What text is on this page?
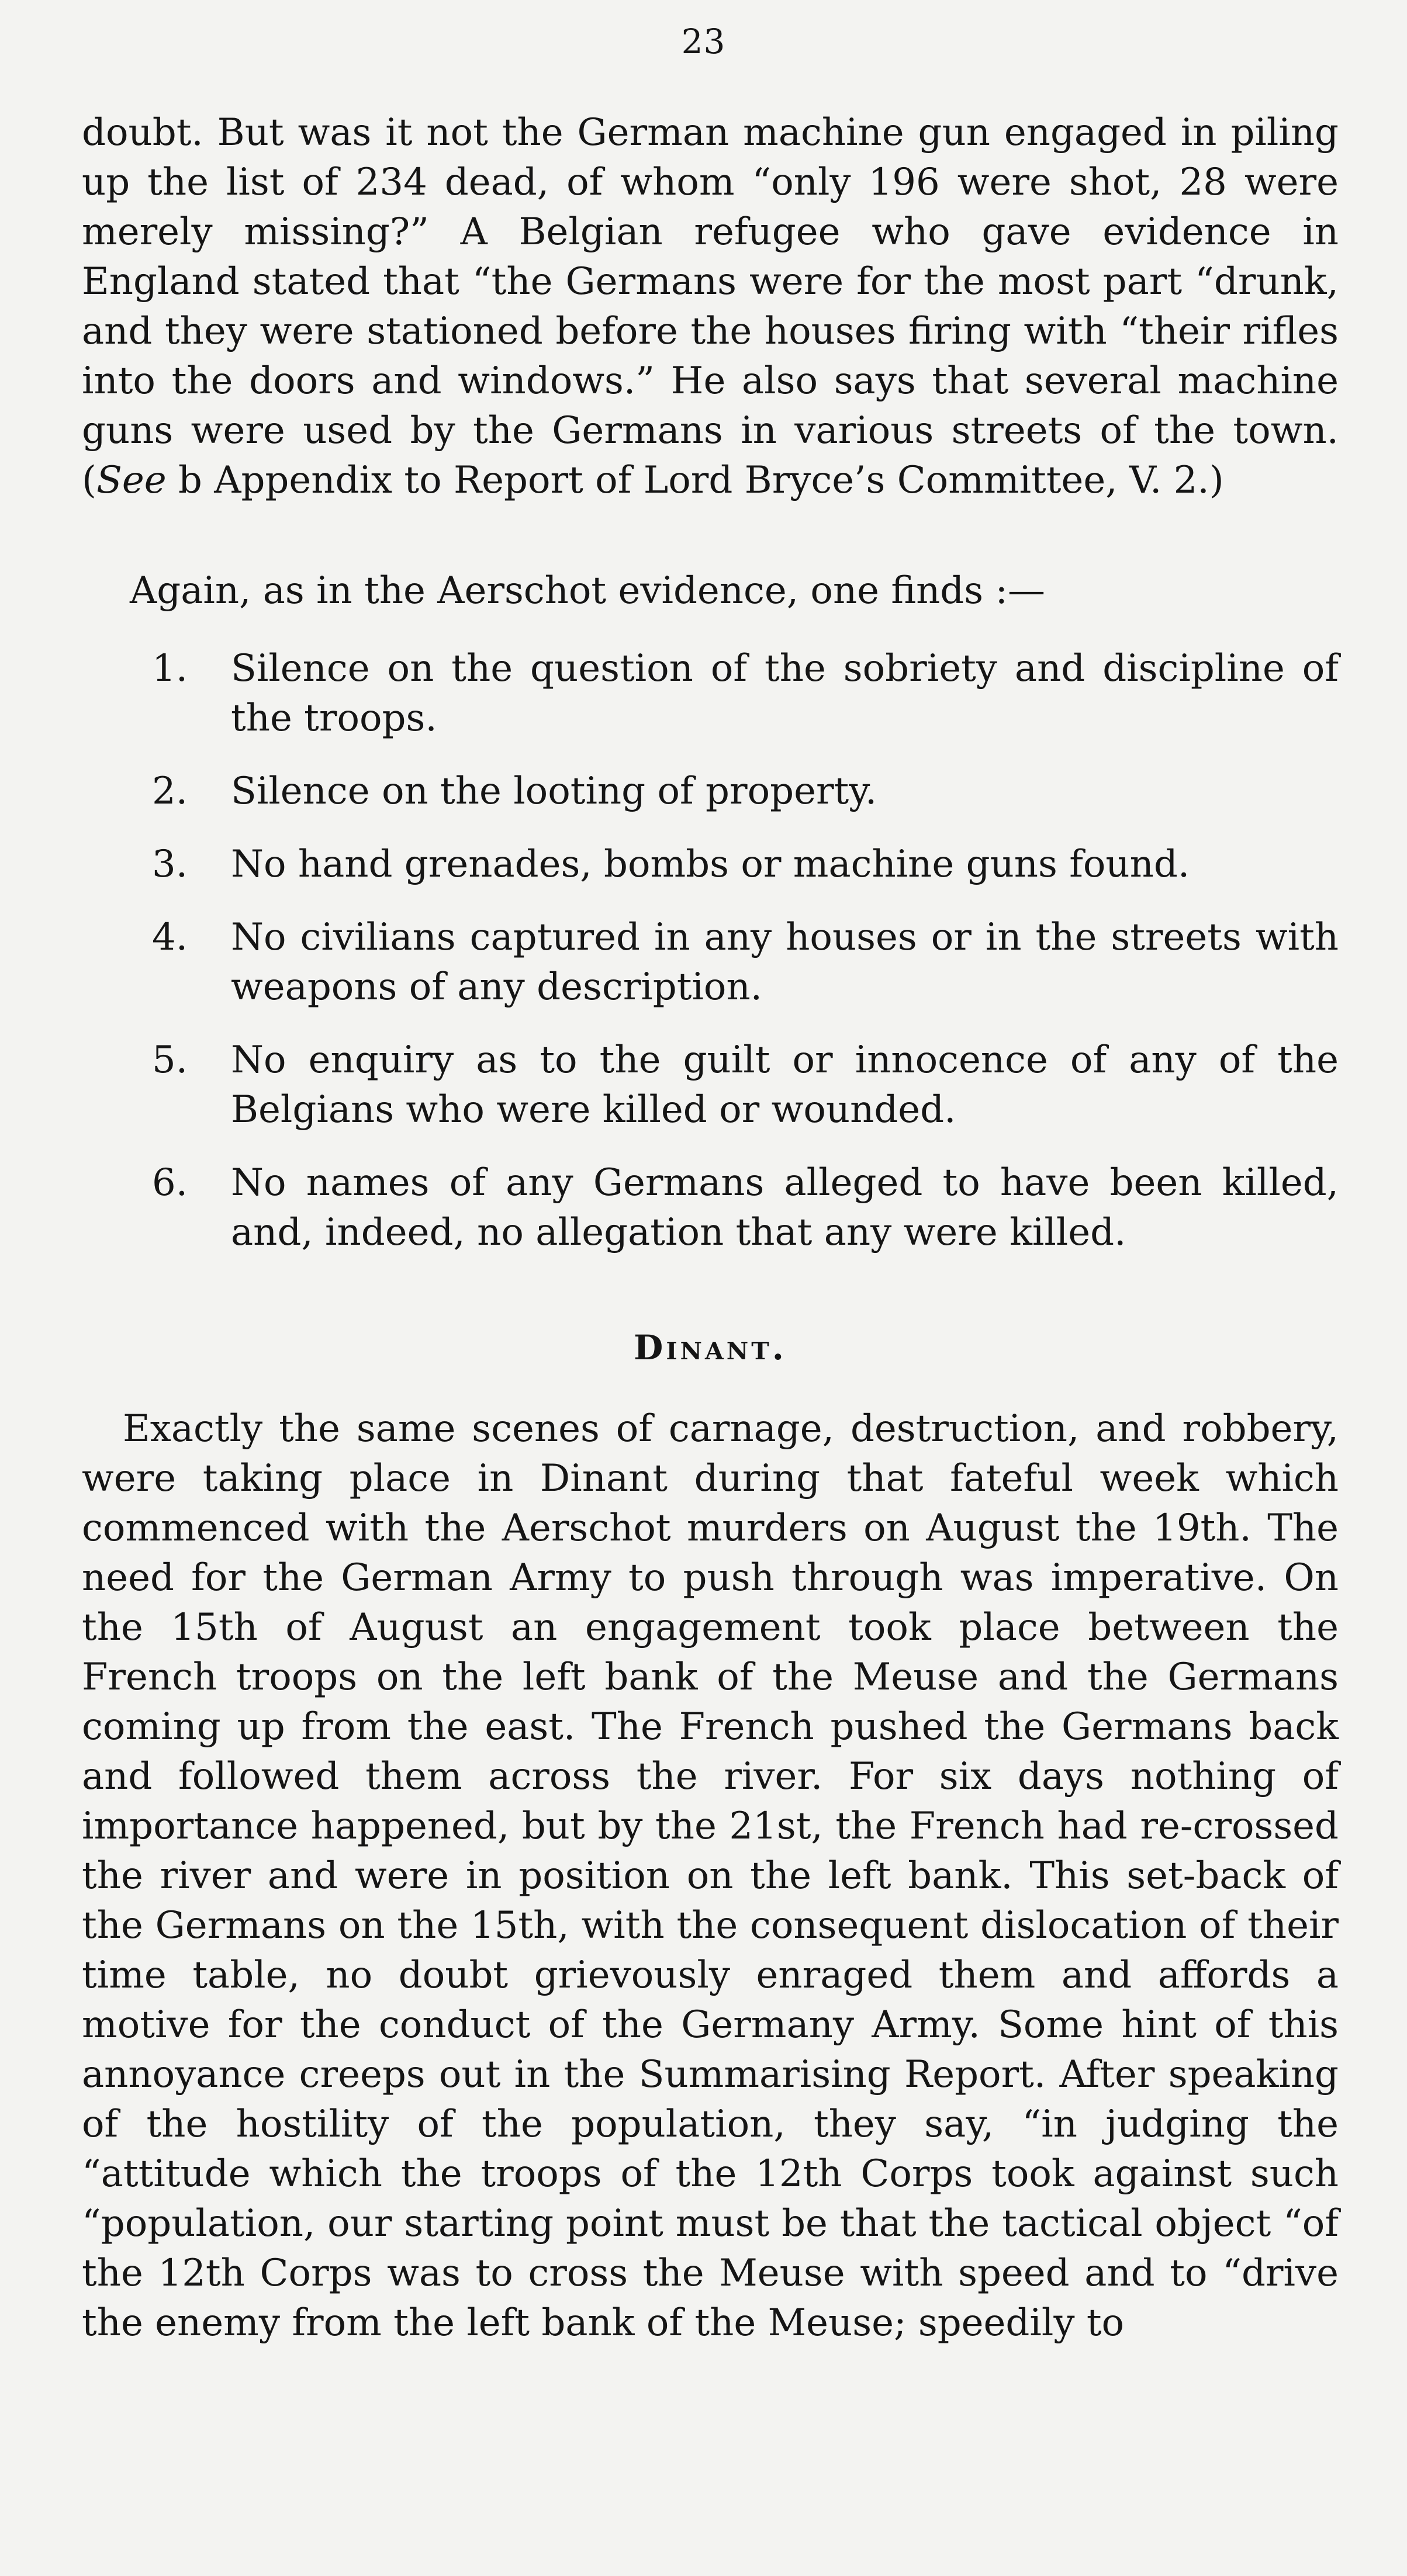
23

doubt. But was it not the German machine gun engaged in piling up the list of 234 dead, of whom “only 196 were shot, 28 were merely missing?” A Belgian refugee who gave evidence in England stated that “the Germans were for the most part “drunk, and they were stationed before the houses firing with “their rifles into the doors and windows.” He also says that several machine guns were used by the Germans in various streets of the town. (See b Appendix to Report of Lord Bryce’s Committee, V. 2.)

Again, as in the Aerschot evidence, one finds :—

1. Silence on the question of the sobriety and discipline of the troops.
2. Silence on the looting of property.
3. No hand grenades, bombs or machine guns found.
4. No civilians captured in any houses or in the streets with weapons of any description.
5. No enquiry as to the guilt or innocence of any of the Belgians who were killed or wounded.
6. No names of any Germans alleged to have been killed, and, indeed, no allegation that any were killed.
Dinant.

Exactly the same scenes of carnage, destruction, and robbery, were taking place in Dinant during that fateful week which commenced with the Aerschot murders on August the 19th. The need for the German Army to push through was imperative. On the 15th of August an engagement took place between the French troops on the left bank of the Meuse and the Germans coming up from the east. The French pushed the Germans back and followed them across the river. For six days nothing of importance happened, but by the 21st, the French had re-crossed the river and were in position on the left bank. This set-back of the Germans on the 15th, with the consequent dislocation of their time table, no doubt grievously enraged them and affords a motive for the conduct of the Germany Army. Some hint of this annoyance creeps out in the Summarising Report. After speaking of the hostility of the population, they say, “in judging the “attitude which the troops of the 12th Corps took against such “population, our starting point must be that the tactical object “of the 12th Corps was to cross the Meuse with speed and to “drive the enemy from the left bank of the Meuse; speedily to
